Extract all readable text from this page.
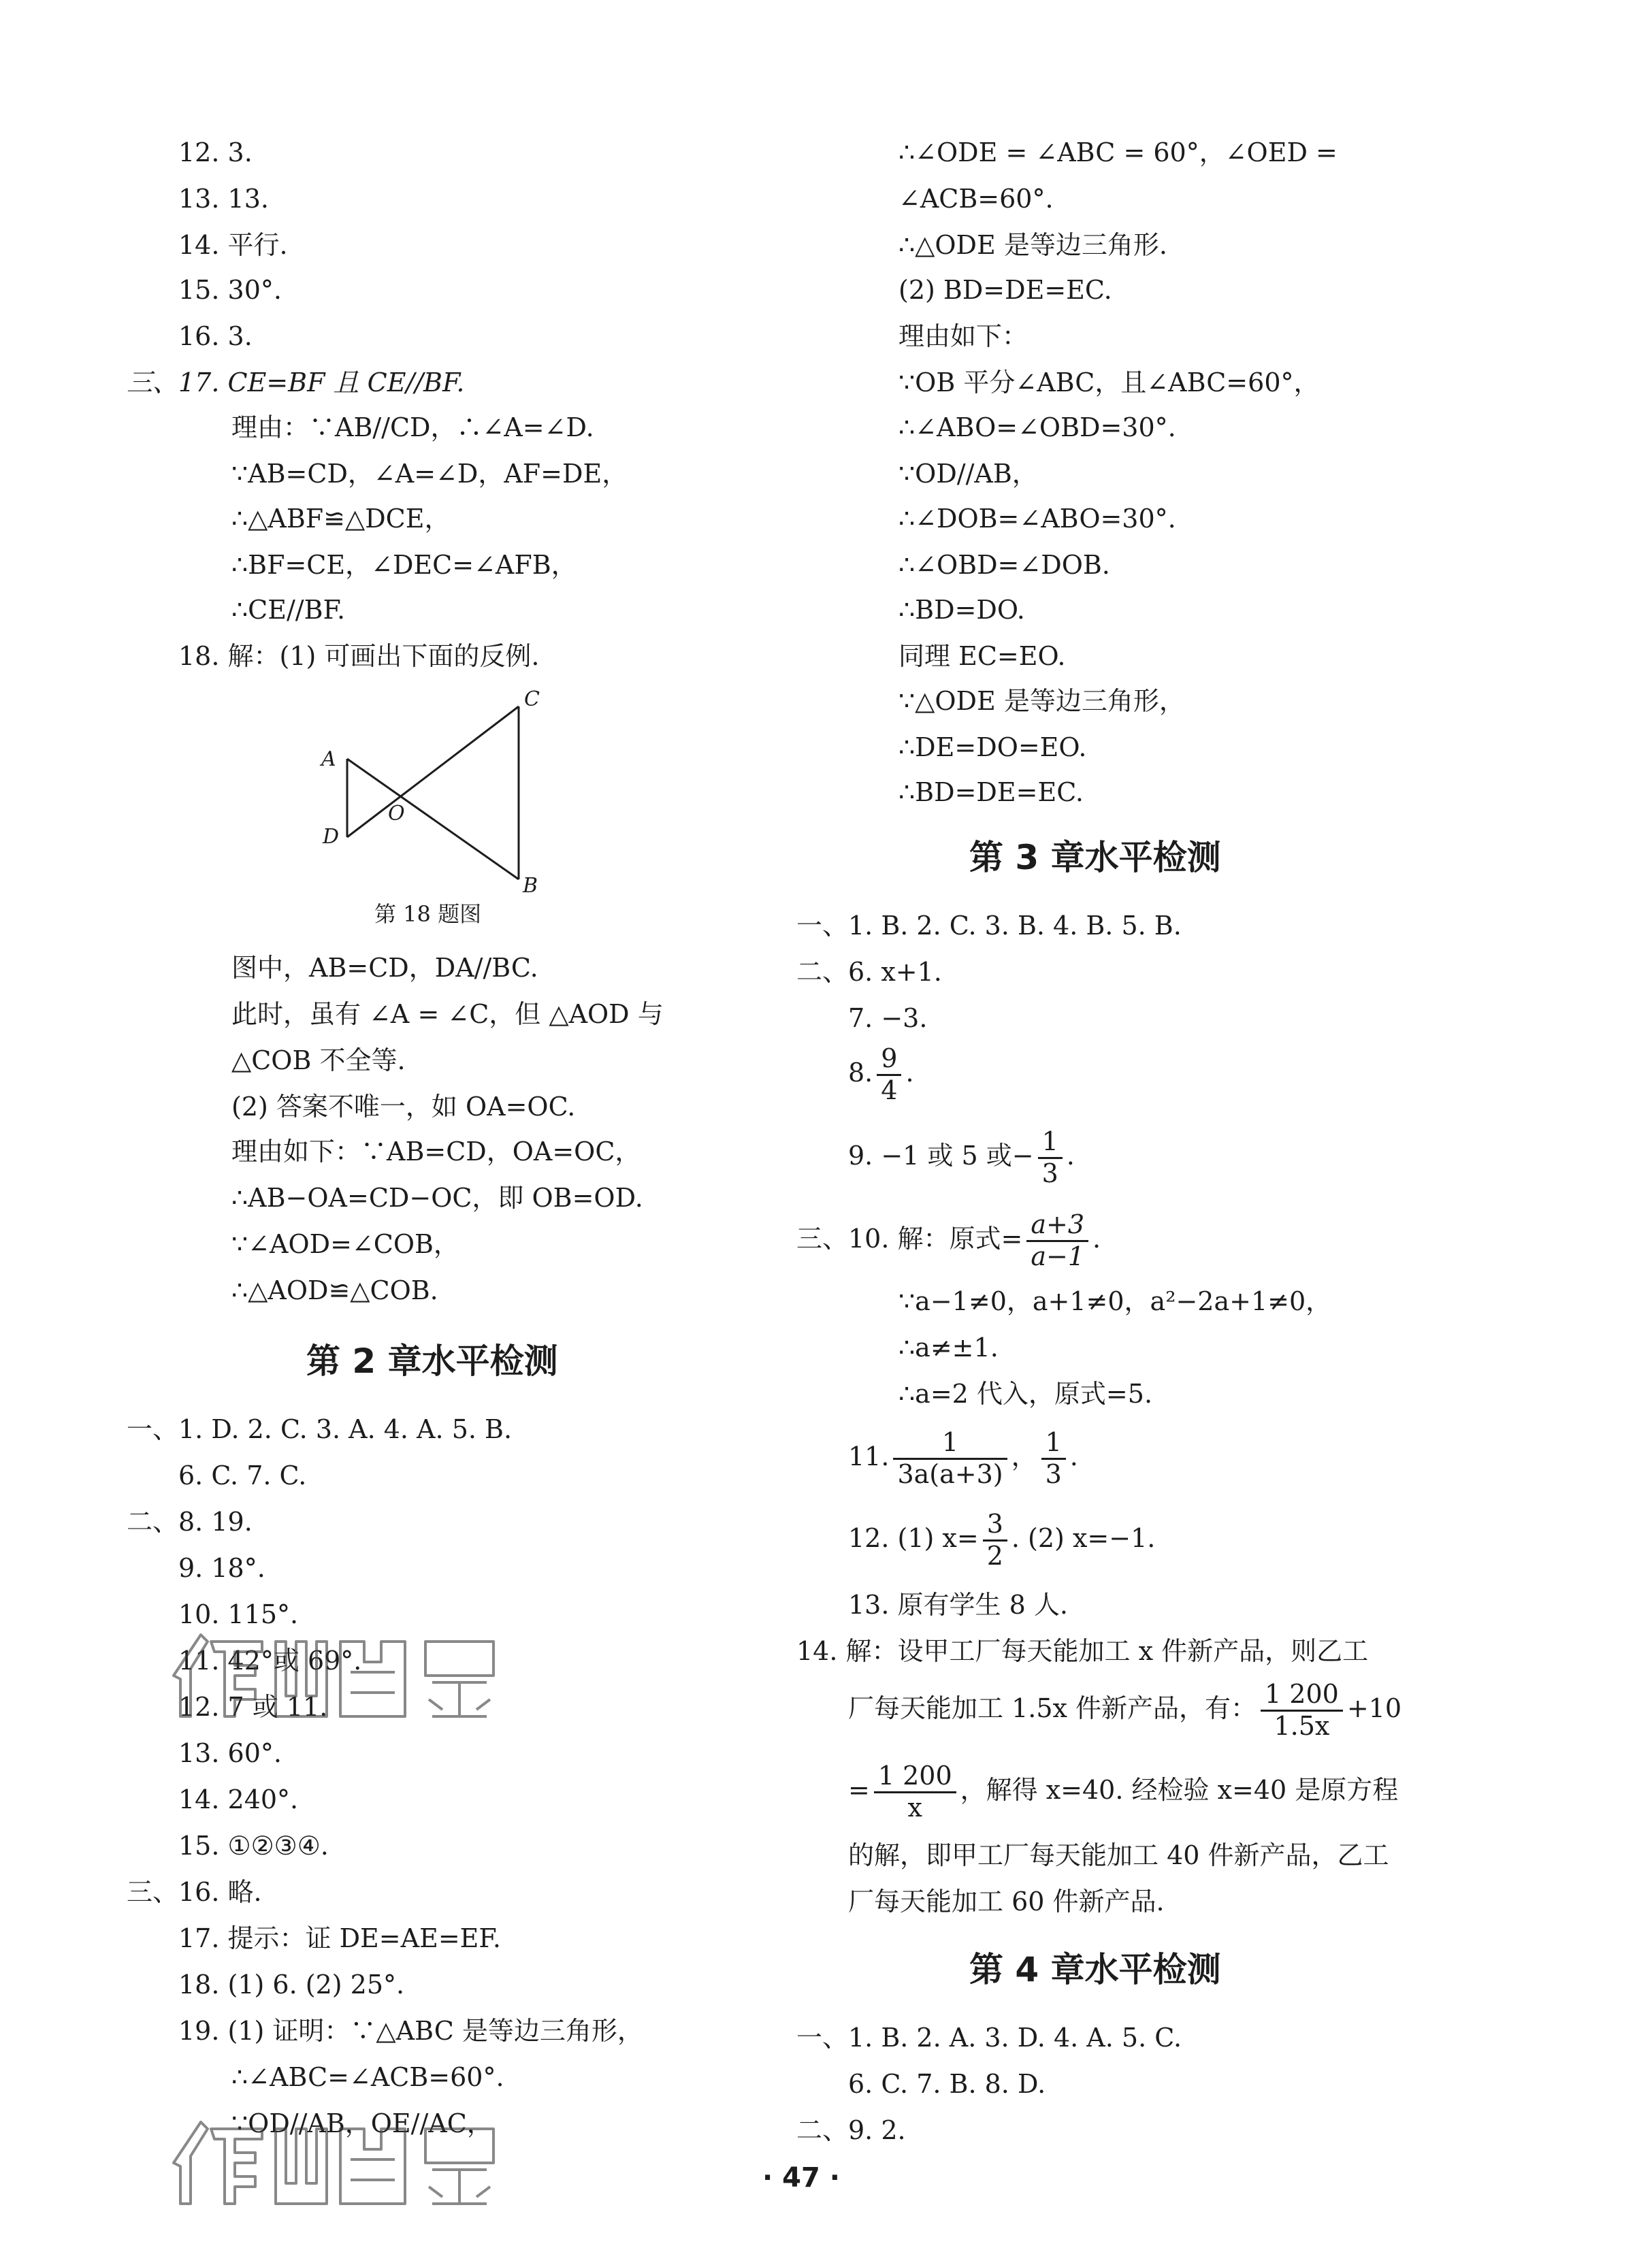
12. 3.
13. 13.
14. 平行.
15. 30°.
16. 3.
三、17. CE=BF 且 CE//BF.
理由：∵AB//CD，∴∠A=∠D.
∵AB=CD，∠A=∠D，AF=DE，
∴△ABF≌△DCE，
∴BF=CE，∠DEC=∠AFB，
∴CE//BF.
18. 解：(1) 可画出下面的反例.
A
D
O
C
B
第 18 题图
图中，AB=CD，DA//BC.
此时，虽有 ∠A = ∠C，但 △AOD 与
△COB 不全等.
(2) 答案不唯一，如 OA=OC.
理由如下：∵AB=CD，OA=OC，
∴AB−OA=CD−OC，即 OB=OD.
∵∠AOD=∠COB，
∴△AOD≌△COB.
第 2 章水平检测
一、1. D. 2. C. 3. A. 4. A. 5. B.
6. C. 7. C.
二、8. 19.
9. 18°.
10. 115°.
11. 42°或 69°.
12. 7 或 11.
13. 60°.
14. 240°.
15. ①②③④.
三、16. 略.
17. 提示：证 DE=AE=EF.
18. (1) 6. (2) 25°.
19. (1) 证明：∵△ABC 是等边三角形，
∴∠ABC=∠ACB=60°.
∵OD//AB，OE//AC，
∴∠ODE = ∠ABC = 60°，∠OED =
∠ACB=60°.
∴△ODE 是等边三角形.
(2) BD=DE=EC.
理由如下：
∵OB 平分∠ABC，且∠ABC=60°，
∴∠ABO=∠OBD=30°.
∵OD//AB，
∴∠DOB=∠ABO=30°.
∴∠OBD=∠DOB.
∴BD=DO.
同理 EC=EO.
∵△ODE 是等边三角形，
∴DE=DO=EO.
∴BD=DE=EC.
第 3 章水平检测
一、1. B. 2. C. 3. B. 4. B. 5. B.
二、6. x+1.
7. −3.
8. $\frac{9}{4}$ .
9. −1 或 5 或− $\frac{1}{3}$ .
三、10. 解：原式= $\frac{a+3}{a-1}$ .
∵a−1≠0，a+1≠0，a²−2a+1≠0，
∴a≠±1.
∴a=2 代入，原式=5.
11. $\frac{1}{3a(a+3)}$ ， $\frac{1}{3}$ .
12. (1) $x= \frac{3}{2}$ . (2) x=−1.
13. 原有学生 8 人.
14. 解：设甲工厂每天能加工 x 件新产品，则乙工
厂每天能加工 1.5x 件新产品，有： $\frac{1 200}{1.5x} +10$
= $\frac{1 200}{x}$ ，解得 x=40. 经检验 x=40 是原方程
的解，即甲工厂每天能加工 40 件新产品，乙工
厂每天能加工 60 件新产品.
第 4 章水平检测
一、1. B. 2. A. 3. D. 4. A. 5. C.
6. C. 7. B. 8. D.
二、9. 2.
· 47 ·
